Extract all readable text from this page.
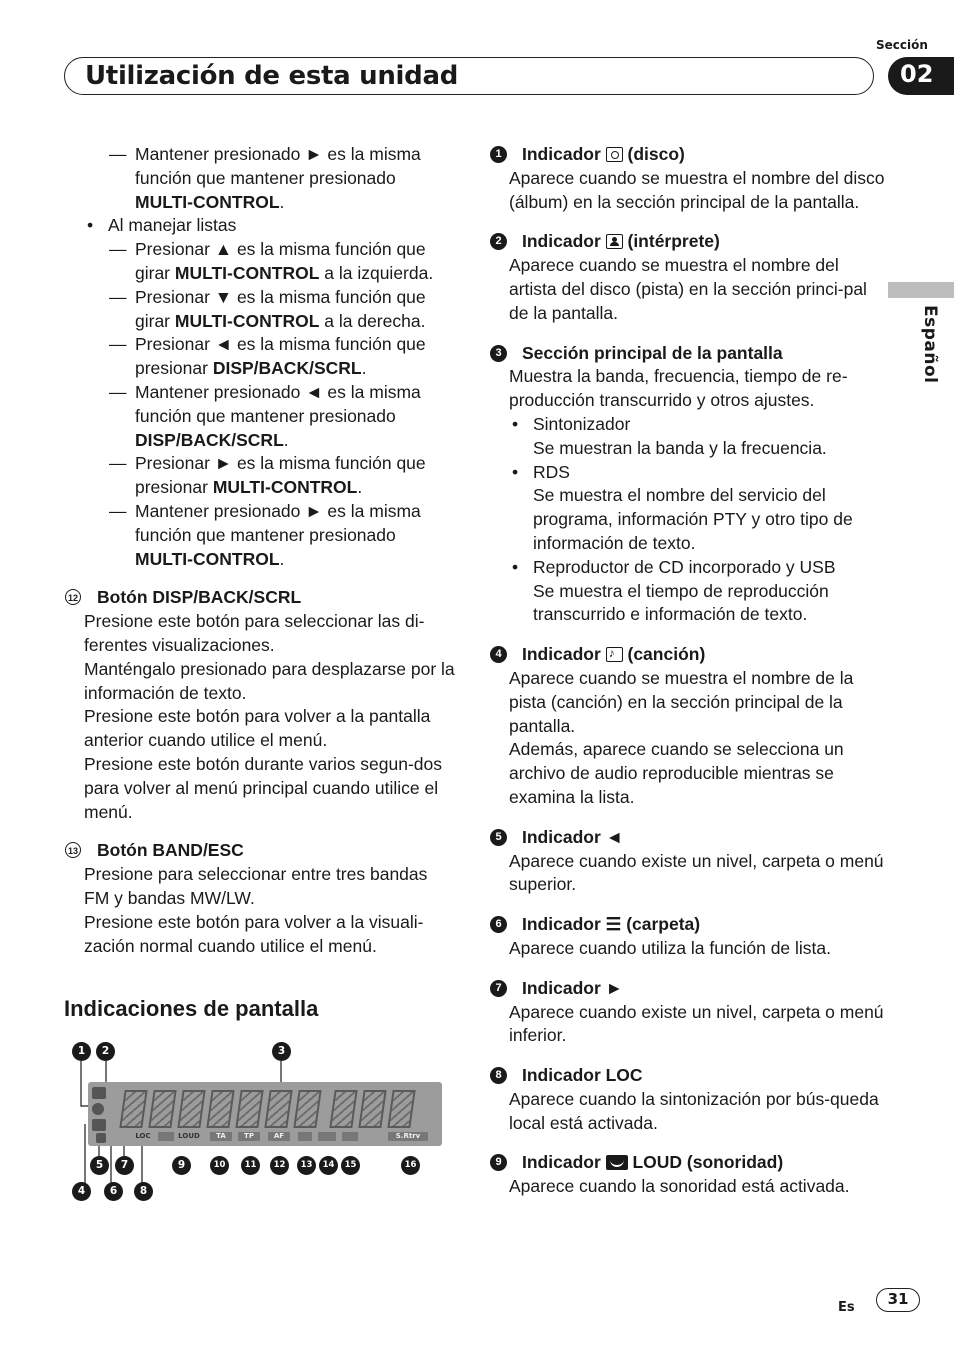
Sección
Utilización de esta unidad	02
Español

— Mantener presionado ► es la misma función que mantener presionado
MULTI-CONTROL.

• Al manejar listas

— Presionar ▲ es la misma función que girar MULTI-CONTROL a la izquierda.

— Presionar ▼ es la misma función que girar MULTI-CONTROL a la derecha.

— Presionar ◄ es la misma función que presionar DISP/BACK/SCRL.

— Mantener presionado ◄ es la misma función que mantener presionado
DISP/BACK/SCRL.

— Presionar ► es la misma función que presionar MULTI-CONTROL.

— Mantener presionado ► es la misma función que mantener presionado
MULTI-CONTROL.

12 Botón DISP/BACK/SCRL

Presione este botón para seleccionar las di-ferentes visualizaciones.

Manténgalo presionado para desplazarse por la información de texto.

Presione este botón para volver a la pantalla anterior cuando utilice el menú.

Presione este botón durante varios segun-dos para volver al menú principal cuando utilice el menú.

13 Botón BAND/ESC

Presione para seleccionar entre tres bandas FM y bandas MW/LW.

Presione este botón para volver a la visuali-zación normal cuando utilice el menú.

Indicaciones de pantalla
1	2	3
LOC	LOUD	TA	TP	AF	S.Rtrv
5	7	9	10	11	12	13	14	15	16
4	6	8

1	Indicador
(disco)

Aparece cuando se muestra el nombre del disco (álbum) en la sección principal de la pantalla.

2	Indicador
(intérprete)

Aparece cuando se muestra el nombre del artista del disco (pista) en la sección princi-pal de la pantalla.

3	Sección principal de la pantalla

Muestra la banda, frecuencia, tiempo de re-producción transcurrido y otros ajustes.

• Sintonizador
Se muestran la banda y la frecuencia.

• RDS
Se muestra el nombre del servicio del programa, información PTY y otro tipo de información de texto.

• Reproductor de CD incorporado y USB
Se muestra el tiempo de reproducción transcurrido e información de texto.

4	Indicador ♪ (canción)

Aparece cuando se muestra el nombre de la pista (canción) en la sección principal de la pantalla.

Además, aparece cuando se selecciona un archivo de audio reproducible mientras se examina la lista.

5	Indicador ◄

Aparece cuando existe un nivel, carpeta o menú superior.

6	Indicador ☰ (carpeta)

Aparece cuando utiliza la función de lista.

7	Indicador ►

Aparece cuando existe un nivel, carpeta o menú inferior.

8	Indicador LOC

Aparece cuando la sintonización por bús-queda local está activada.

9	Indicador
LOUD (sonoridad)

Aparece cuando la sonoridad está activada.

Es	31
